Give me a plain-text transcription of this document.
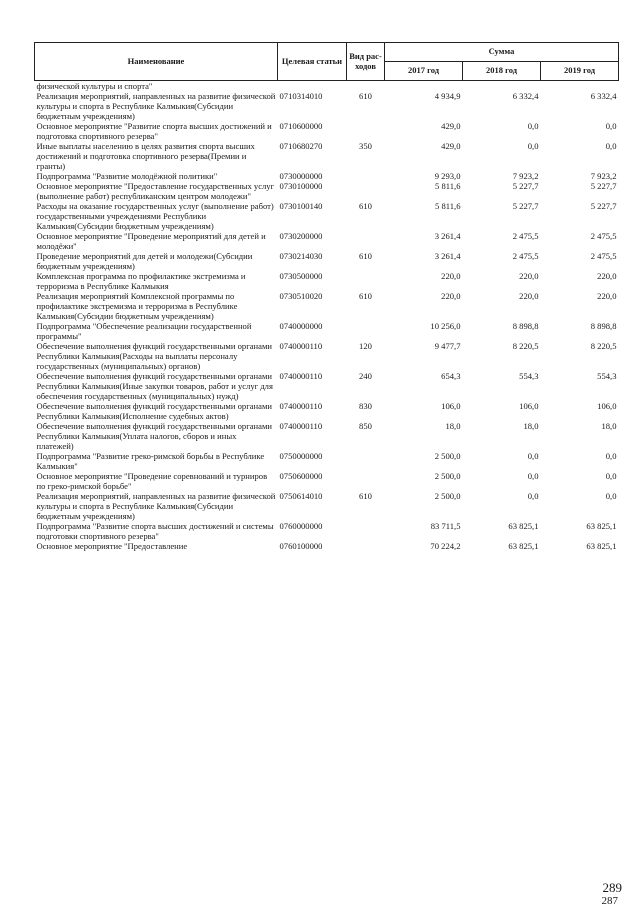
Наименование	Целевая статьи	Вид рас-ходов	Сумма		
			2017 год	2018 год	2019 год
физической культуры и спорта"					
Реализация мероприятий, направленных на развитие физической культуры и спорта в Республике Калмыкия(Субсидии бюджетным учреждениям)	0710314010	610	4 934,9	6 332,4	6 332,4
Основное мероприятие "Развитие спорта высших достижений и подготовка спортивного резерва"	0710600000		429,0	0,0	0,0
Иные выплаты населению в целях развития спорта высших достижений и подготовка спортивного резерва(Премии и гранты)	0710680270	350	429,0	0,0	0,0
Подпрограмма "Развитие молодёжной политики"	0730000000		9 293,0	7 923,2	7 923,2
Основное мероприятие "Предоставление государственных услуг (выполнение работ) республиканским центром молодежи"	0730100000		5 811,6	5 227,7	5 227,7
Расходы на оказание государственных услуг (выполнение работ) государственными учреждениями Республики Калмыкия(Субсидии бюджетным учреждениям)	0730100140	610	5 811,6	5 227,7	5 227,7
Основное мероприятие "Проведение мероприятий для детей и молодёжи"	0730200000		3 261,4	2 475,5	2 475,5
Проведение мероприятий для детей и молодежи(Субсидии бюджетным учреждениям)	0730214030	610	3 261,4	2 475,5	2 475,5
Комплексная программа по профилактике экстремизма и терроризма в Республике Калмыкия	0730500000		220,0	220,0	220,0
Реализация мероприятий Комплексной программы по профилактике экстремизма и терроризма в Республике Калмыкия(Субсидии бюджетным учреждениям)	0730510020	610	220,0	220,0	220,0
Подпрограмма "Обеспечение реализации государственной программы"	0740000000		10 256,0	8 898,8	8 898,8
Обеспечение выполнения функций государственными органами Республики Калмыкия(Расходы на выплаты персоналу государственных (муниципальных) органов)	0740000110	120	9 477,7	8 220,5	8 220,5
Обеспечение выполнения функций государственными органами Республики Калмыкия(Иные закупки товаров, работ и услуг для обеспечения государственных (муниципальных) нужд)	0740000110	240	654,3	554,3	554,3
Обеспечение выполнения функций государственными органами Республики Калмыкия(Исполнение судебных актов)	0740000110	830	106,0	106,0	106,0
Обеспечение выполнения функций государственными органами Республики Калмыкия(Уплата налогов, сборов и иных платежей)	0740000110	850	18,0	18,0	18,0
Подпрограмма "Развитие греко-римской борьбы в Республике Калмыкия"	0750000000		2 500,0	0,0	0,0
Основное мероприятие "Проведение соревнований и турниров по греко-римской борьбе"	0750600000		2 500,0	0,0	0,0
Реализация мероприятий, направленных на развитие физической культуры и спорта в Республике Калмыкия(Субсидии бюджетным учреждениям)	0750614010	610	2 500,0	0,0	0,0
Подпрограмма "Развитие спорта высших достижений и системы подготовки спортивного резерва"	0760000000		83 711,5	63 825,1	63 825,1
Основное мероприятие "Предоставление	0760100000		70 224,2	63 825,1	63 825,1
289
287
